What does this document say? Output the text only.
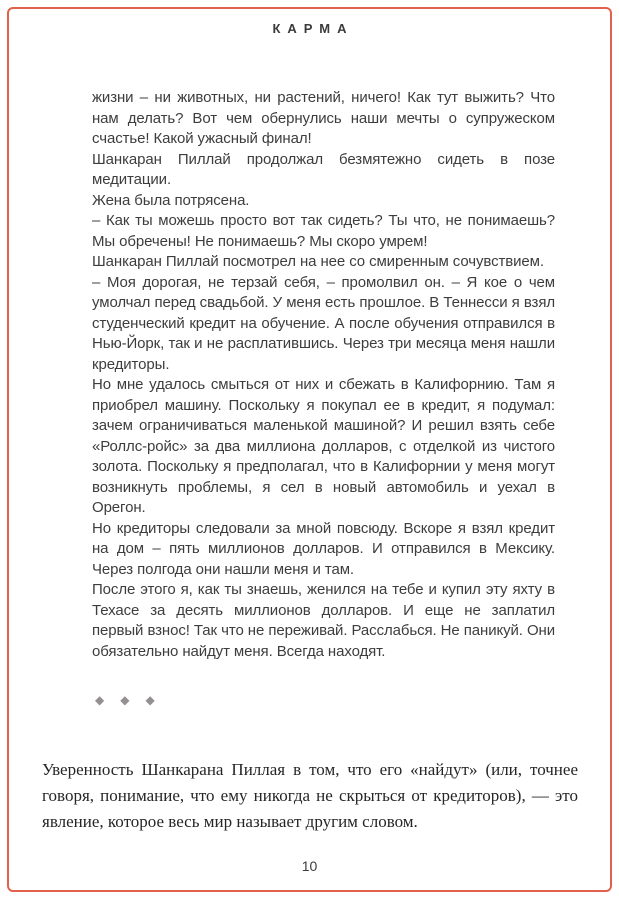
КАРМА

жизни – ни животных, ни растений, ничего! Как тут выжить? Что нам делать? Вот чем обернулись наши мечты о супружеском счастье! Какой ужасный финал!

Шанкаран Пиллай продолжал безмятежно сидеть в позе медитации.

Жена была потрясена.

– Как ты можешь просто вот так сидеть? Ты что, не понимаешь? Мы обречены! Не понимаешь? Мы скоро умрем!

Шанкаран Пиллай посмотрел на нее со смиренным сочувствием.

– Моя дорогая, не терзай себя, – промолвил он. – Я кое о чем умолчал перед свадьбой. У меня есть прошлое. В Теннесси я взял студенческий кредит на обучение. А после обучения отправился в Нью-Йорк, так и не расплатившись. Через три месяца меня нашли кредиторы.

Но мне удалось смыться от них и сбежать в Калифорнию. Там я приобрел машину. Поскольку я покупал ее в кредит, я подумал: зачем ограничиваться маленькой машиной? И решил взять себе «Роллс-ройс» за два миллиона долларов, с отделкой из чистого золота. Поскольку я предполагал, что в Калифорнии у меня могут возникнуть проблемы, я сел в новый автомобиль и уехал в Орегон.

Но кредиторы следовали за мной повсюду. Вскоре я взял кредит на дом – пять миллионов долларов. И отправился в Мексику. Через полгода они нашли меня и там.

После этого я, как ты знаешь, женился на тебе и купил эту яхту в Техасе за десять миллионов долларов. И еще не заплатил первый взнос! Так что не переживай. Расслабься. Не паникуй. Они обязательно найдут меня. Всегда находят.

◆ ◆ ◆

Уверенность Шанкарана Пиллая в том, что его «найдут» (или, точнее говоря, понимание, что ему никогда не скрыться от кредиторов), — это явление, которое весь мир называет другим словом.

10
